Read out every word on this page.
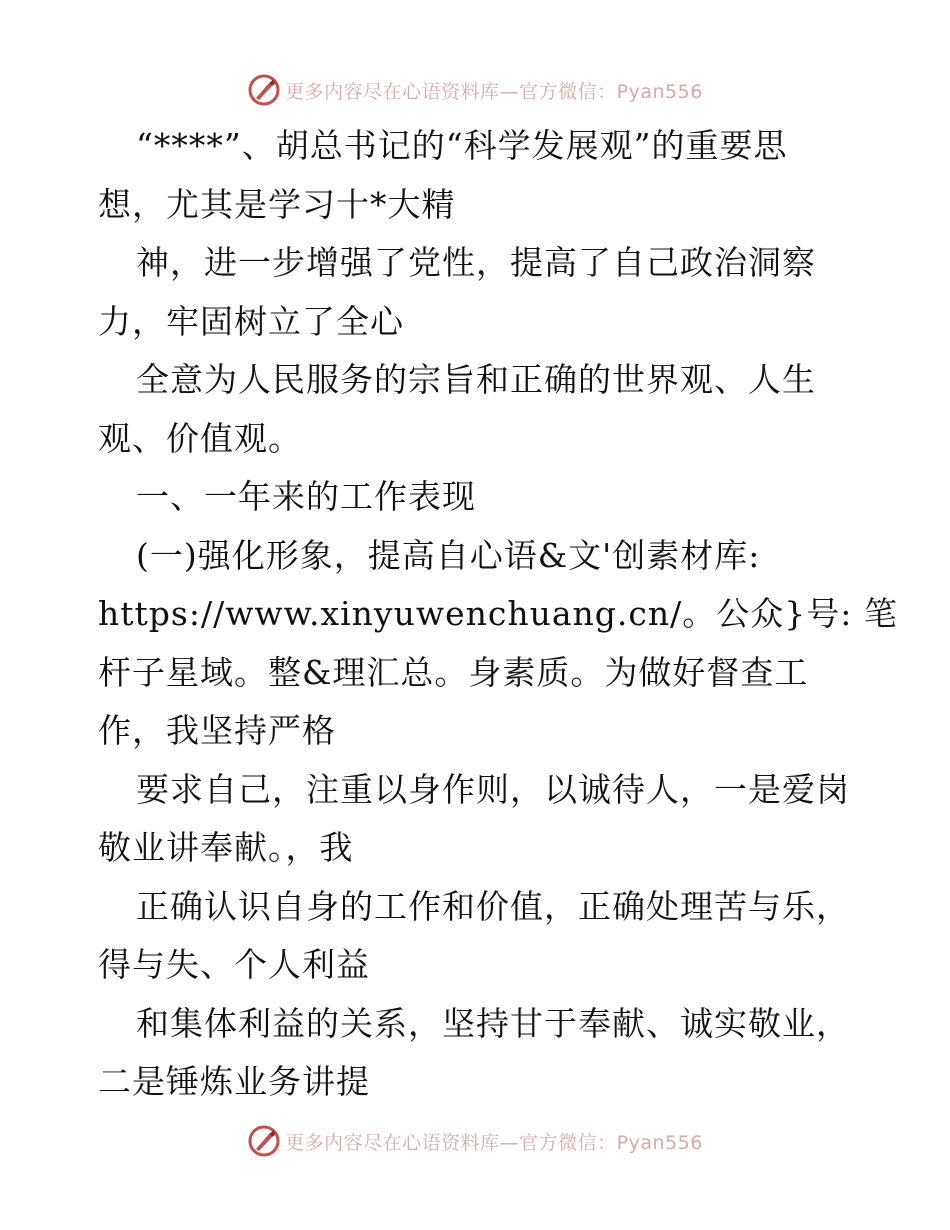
更多内容尽在心语资料库—官方微信：Pyan556
“****”、胡总书记的“科学发展观”的重要思
想，尤其是学习十*大精
神，进一步增强了党性，提高了自己政治洞察
力，牢固树立了全心
全意为人民服务的宗旨和正确的世界观、人生
观、价值观。
一、一年来的工作表现
(一)强化形象，提高自心语&文'创素材库:
https://www.xinyuwenchuang.cn/。公众}号: 笔
杆子星域。整&理汇总。身素质。为做好督查工
作，我坚持严格
要求自己，注重以身作则，以诚待人，一是爱岗
敬业讲奉献。，我
正确认识自身的工作和价值，正确处理苦与乐，
得与失、个人利益
和集体利益的关系，坚持甘于奉献、诚实敬业，
二是锤炼业务讲提
更多内容尽在心语资料库—官方微信：Pyan556
